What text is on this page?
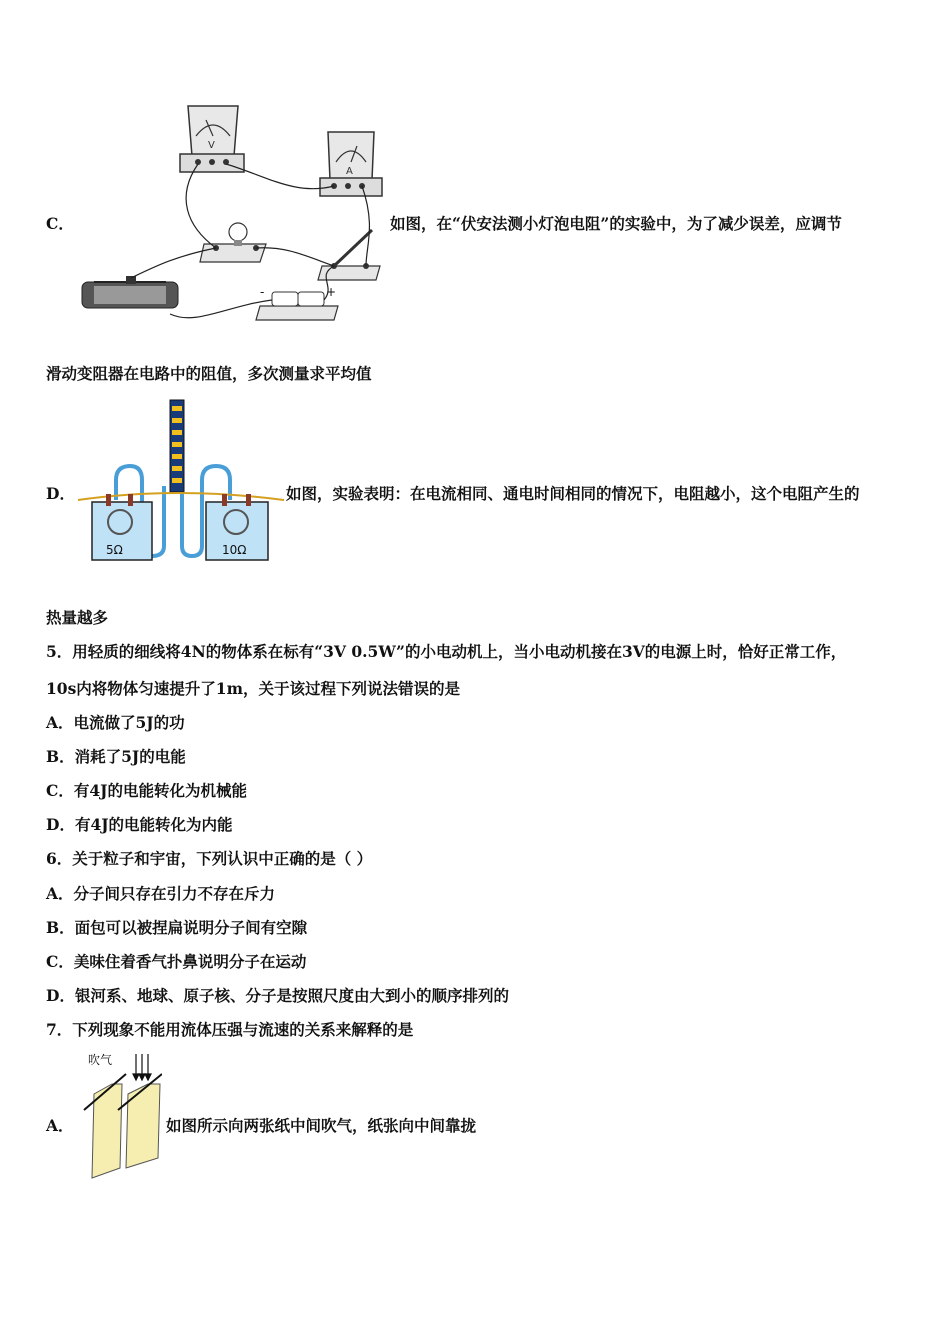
C．
V
A
-	+
如图，在“伏安法测小灯泡电阻”的实验中，为了减少误差，应调节
滑动变阻器在电路中的阻值，多次测量求平均值
D．
5Ω	10Ω
如图，实验表明：在电流相同、通电时间相同的情况下，电阻越小，这个电阻产生的
热量越多
5．用轻质的细线将4N的物体系在标有“3V 0.5W”的小电动机上，当小电动机接在3V的电源上时，恰好正常工作，
10s内将物体匀速提升了1m，关于该过程下列说法错误的是
A．电流做了5J的功
B．消耗了5J的电能
C．有4J的电能转化为机械能
D．有4J的电能转化为内能
6．关于粒子和宇宙，下列认识中正确的是（ ）
A．分子间只存在引力不存在斥力
B．面包可以被捏扁说明分子间有空隙
C．美味住着香气扑鼻说明分子在运动
D．银河系、地球、原子核、分子是按照尺度由大到小的顺序排列的
7．下列现象不能用流体压强与流速的关系来解释的是
A．
吹气
如图所示向两张纸中间吹气，纸张向中间靠拢
